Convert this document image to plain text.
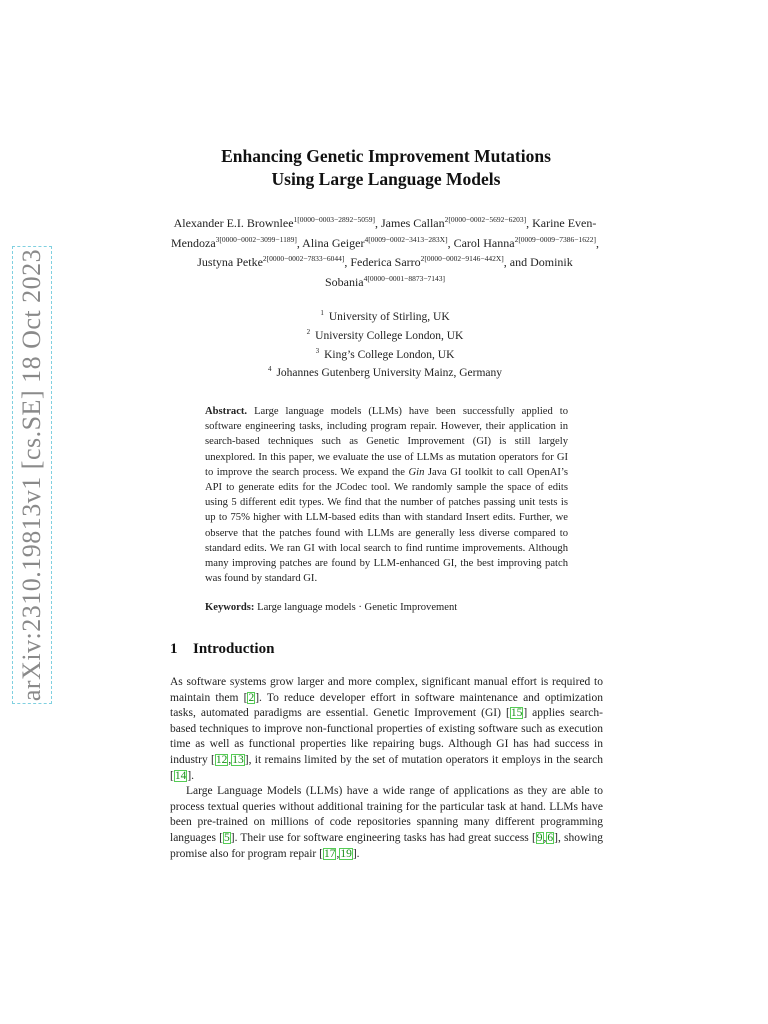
arXiv:2310.19813v1 [cs.SE] 18 Oct 2023
Enhancing Genetic Improvement Mutations
Using Large Language Models
Alexander E.I. Brownlee$^{1[0000-0003-2892-5059]}$, James Callan$^{2[0000-0002-5692-6203]}$, Karine Even-Mendoza$^{3[0000-0002-3099-1189]}$, Alina Geiger$^{4[0009-0002-3413-283X]}$, Carol Hanna$^{2[0009-0009-7386-1622]}$, Justyna Petke$^{2[0000-0002-7833-6044]}$, Federica Sarro$^{2[0000-0002-9146-442X]}$, and Dominik Sobania$^{4[0000-0001-8873-7143]}$
$^1$ University of Stirling, UK
$^2$ University College London, UK
$^3$ King’s College London, UK
$^4$ Johannes Gutenberg University Mainz, Germany
Abstract. Large language models (LLMs) have been successfully applied to software engineering tasks, including program repair. However, their application in search-based techniques such as Genetic Improvement (GI) is still largely unexplored. In this paper, we evaluate the use of LLMs as mutation operators for GI to improve the search process. We expand the Gin Java GI toolkit to call OpenAI’s API to generate edits for the JCodec tool. We randomly sample the space of edits using 5 different edit types. We find that the number of patches passing unit tests is up to 75% higher with LLM-based edits than with standard Insert edits. Further, we observe that the patches found with LLMs are generally less diverse compared to standard edits. We ran GI with local search to find runtime improvements. Although many improving patches are found by LLM-enhanced GI, the best improving patch was found by standard GI.
Keywords: Large language models · Genetic Improvement
1 Introduction

As software systems grow larger and more complex, significant manual effort is required to maintain them [2]. To reduce developer effort in software maintenance and optimization tasks, automated paradigms are essential. Genetic Improvement (GI) [15] applies search-based techniques to improve non-functional properties of existing software such as execution time as well as functional properties like repairing bugs. Although GI has had success in industry [12,13], it remains limited by the set of mutation operators it employs in the search [14].

Large Language Models (LLMs) have a wide range of applications as they are able to process textual queries without additional training for the particular task at hand. LLMs have been pre-trained on millions of code repositories spanning many different programming languages [5]. Their use for software engineering tasks has had great success [9,6], showing promise also for program repair [17,19].
